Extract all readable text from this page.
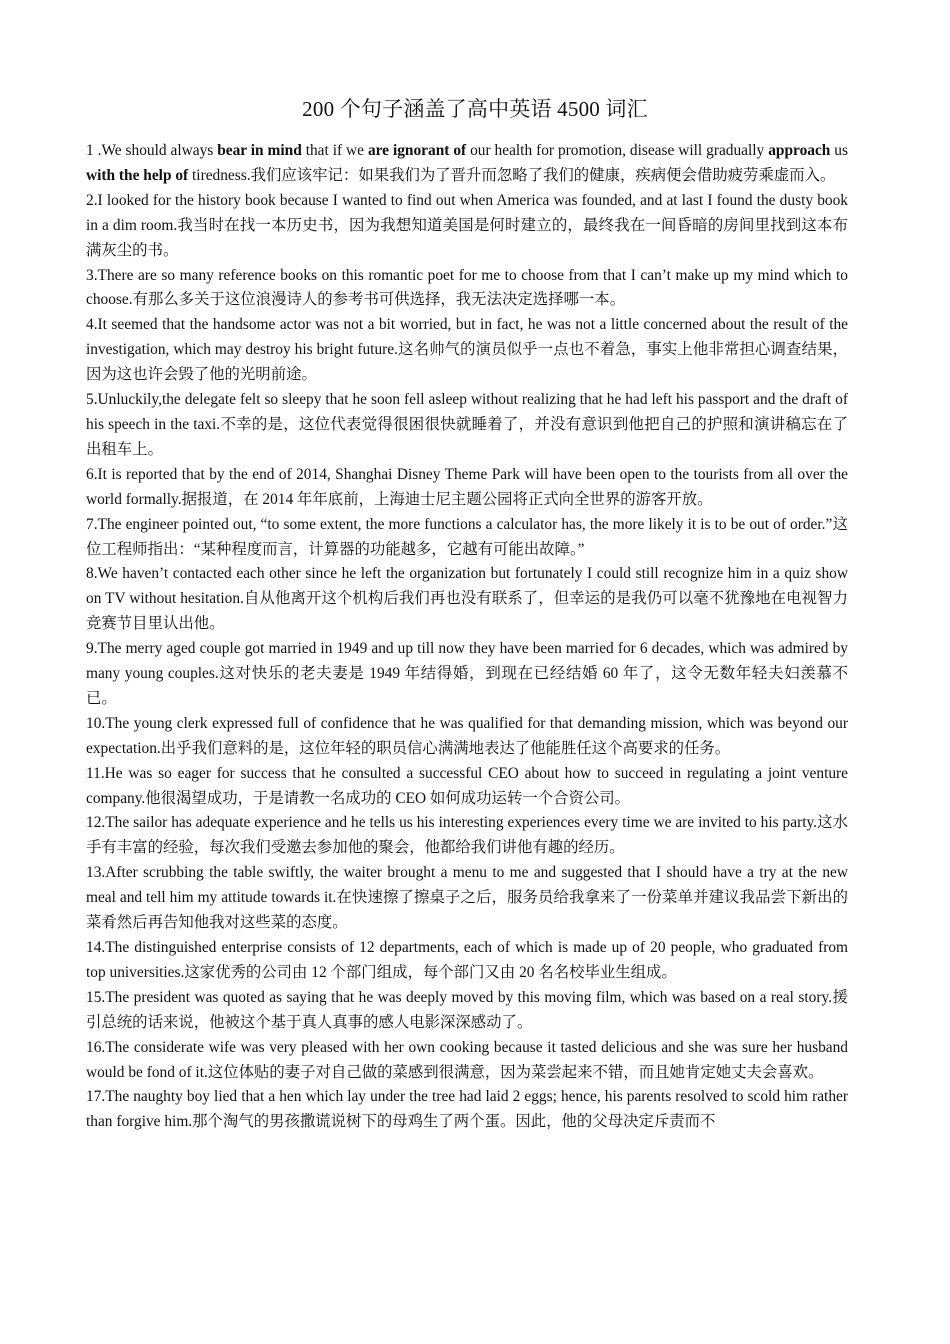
200 个句子涵盖了高中英语 4500 词汇

1 .We should always bear in mind that if we are ignorant of our health for promotion, disease will gradually approach us with the help of tiredness.我们应该牢记：如果我们为了晋升而忽略了我们的健康，疾病便会借助疲劳乘虚而入。

2.I looked for the history book because I wanted to find out when America was founded, and at last I found the dusty book in a dim room.我当时在找一本历史书，因为我想知道美国是何时建立的，最终我在一间昏暗的房间里找到这本布满灰尘的书。

3.There are so many reference books on this romantic poet for me to choose from that I can’t make up my mind which to choose.有那么多关于这位浪漫诗人的参考书可供选择，我无法决定选择哪一本。

4.It seemed that the handsome actor was not a bit worried, but in fact, he was not a little concerned about the result of the investigation, which may destroy his bright future.这名帅气的演员似乎一点也不着急，事实上他非常担心调查结果，因为这也许会毁了他的光明前途。

5.Unluckily,the delegate felt so sleepy that he soon fell asleep without realizing that he had left his passport and the draft of his speech in the taxi.不幸的是，这位代表觉得很困很快就睡着了，并没有意识到他把自己的护照和演讲稿忘在了出租车上。

6.It is reported that by the end of 2014, Shanghai Disney Theme Park will have been open to the tourists from all over the world formally.据报道，在 2014 年年底前，上海迪士尼主题公园将正式向全世界的游客开放。

7.The engineer pointed out, “to some extent, the more functions a calculator has, the more likely it is to be out of order.”这位工程师指出：“某种程度而言，计算器的功能越多，它越有可能出故障。”

8.We haven’t contacted each other since he left the organization but fortunately I could still recognize him in a quiz show on TV without hesitation.自从他离开这个机构后我们再也没有联系了，但幸运的是我仍可以毫不犹豫地在电视智力竞赛节目里认出他。

9.The merry aged couple got married in 1949 and up till now they have been married for 6 decades, which was admired by many young couples.这对快乐的老夫妻是 1949 年结得婚，到现在已经结婚 60 年了，这令无数年轻夫妇羡慕不已。

10.The young clerk expressed full of confidence that he was qualified for that demanding mission, which was beyond our expectation.出乎我们意料的是，这位年轻的职员信心满满地表达了他能胜任这个高要求的任务。

11.He was so eager for success that he consulted a successful CEO about how to succeed in regulating a joint venture company.他很渴望成功，于是请教一名成功的 CEO 如何成功运转一个合资公司。

12.The sailor has adequate experience and he tells us his interesting experiences every time we are invited to his party.这水手有丰富的经验，每次我们受邀去参加他的聚会，他都给我们讲他有趣的经历。

13.After scrubbing the table swiftly, the waiter brought a menu to me and suggested that I should have a try at the new meal and tell him my attitude towards it.在快速擦了擦桌子之后，服务员给我拿来了一份菜单并建议我品尝下新出的菜肴然后再告知他我对这些菜的态度。

14.The distinguished enterprise consists of 12 departments, each of which is made up of 20 people, who graduated from top universities.这家优秀的公司由 12 个部门组成，每个部门又由 20 名名校毕业生组成。

15.The president was quoted as saying that he was deeply moved by this moving film, which was based on a real story.援引总统的话来说，他被这个基于真人真事的感人电影深深感动了。

16.The considerate wife was very pleased with her own cooking because it tasted delicious and she was sure her husband would be fond of it.这位体贴的妻子对自己做的菜感到很满意，因为菜尝起来不错，而且她肯定她丈夫会喜欢。

17.The naughty boy lied that a hen which lay under the tree had laid 2 eggs; hence, his parents resolved to scold him rather than forgive him.那个淘气的男孩撒谎说树下的母鸡生了两个蛋。因此，他的父母决定斥责而不
